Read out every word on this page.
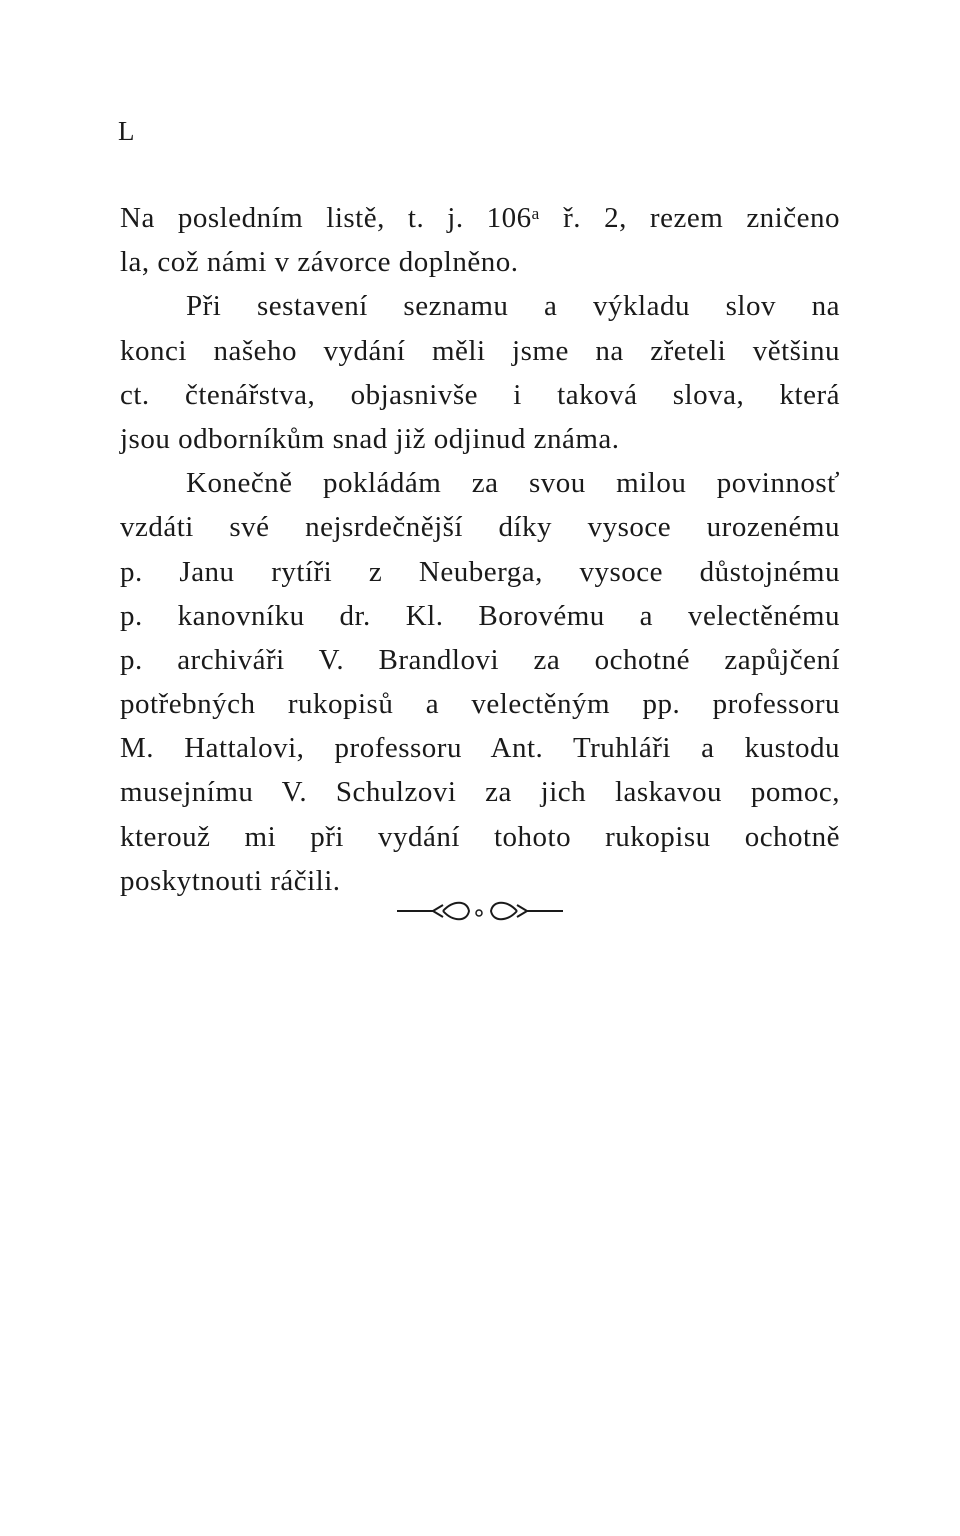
L
Na posledním listě, t. j. 106ᵃ ř. 2, rezem zničeno
la, což námi v závorce doplněno.
Při sestavení seznamu a výkladu slov na
konci našeho vydání měli jsme na zřeteli většinu
ct. čtenářstva, objasnivše i taková slova, která
jsou odborníkům snad již odjinud známa.
Konečně pokládám za svou milou povinnosť
vzdáti své nejsrdečnější díky vysoce urozenému
p. Janu rytíři z Neuberga, vysoce důstojnému
p. kanovníku dr. Kl. Borovému a velectěnému
p. archiváři V. Brandlovi za ochotné zapůjčení
potřebných rukopisů a velectěným pp. professoru
M. Hattalovi, professoru Ant. Truhláři a kustodu
musejnímu V. Schulzovi za jich laskavou pomoc,
kterouž mi při vydání tohoto rukopisu ochotně
poskytnouti ráčili.
